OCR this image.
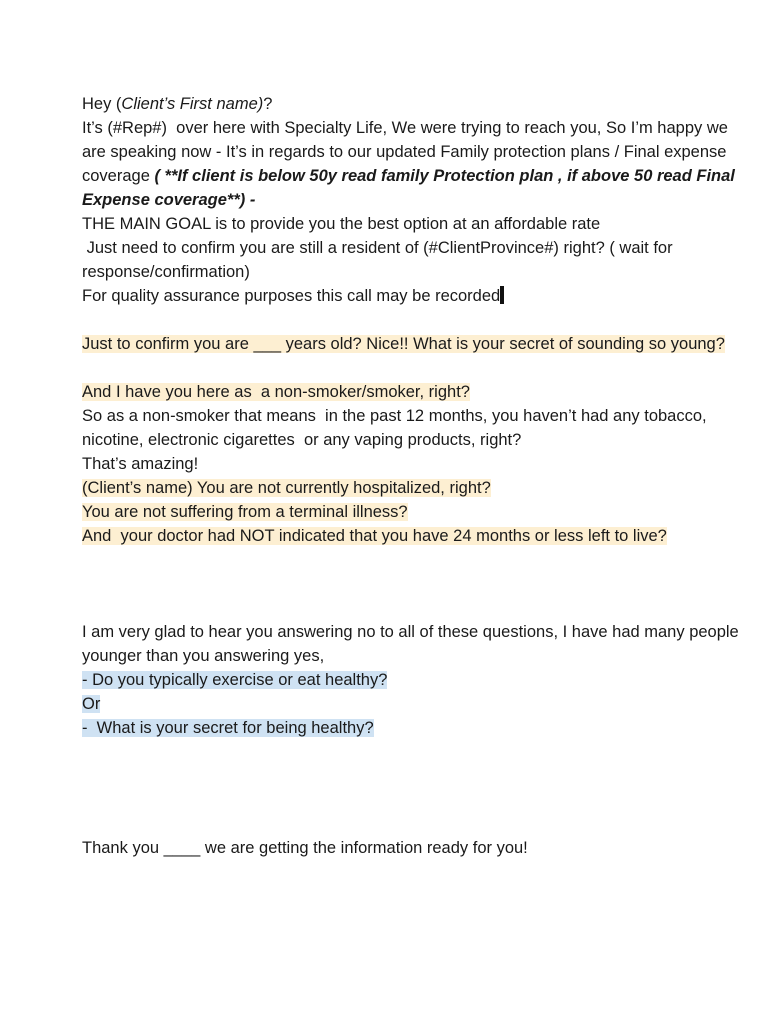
Hey (Client’s First name)?
It’s (#Rep#)  over here with Specialty Life, We were trying to reach you, So I’m happy we are speaking now - It’s in regards to our updated Family protection plans / Final expense coverage ( **If client is below 50y read family Protection plan , if above 50 read Final Expense coverage**) -
THE MAIN GOAL is to provide you the best option at an affordable rate
Just need to confirm you are still a resident of (#ClientProvince#) right? ( wait for response/confirmation)
For quality assurance purposes this call may be recorded
Just to confirm you are ___ years old? Nice!! What is your secret of sounding so young?
And I have you here as  a non-smoker/smoker, right?
So as a non-smoker that means  in the past 12 months, you haven’t had any tobacco, nicotine, electronic cigarettes  or any vaping products, right?
That’s amazing!
(Client’s name) You are not currently hospitalized, right?
You are not suffering from a terminal illness?
And  your doctor had NOT indicated that you have 24 months or less left to live?
I am very glad to hear you answering no to all of these questions, I have had many people younger than you answering yes,
- Do you typically exercise or eat healthy?
Or
-  What is your secret for being healthy?
Thank you ____ we are getting the information ready for you!
